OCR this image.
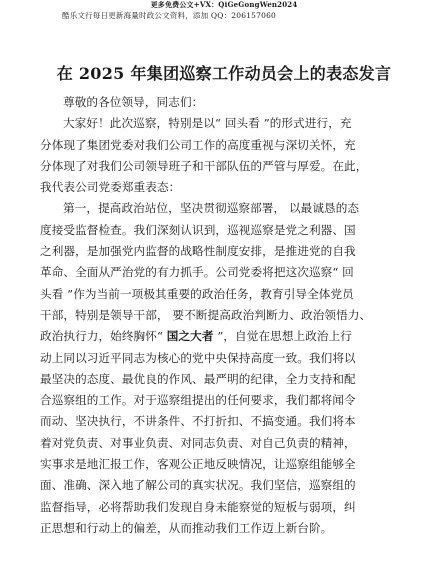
更多免费公文+VX：QiGeGongWen2024
酷乐文行每日更新海量时政公文资料，添加 QQ：206157060
在 2025 年集团巡察工作动员会上的表态发言
尊敬的各位领导，同志们：
大家好！此次巡察，特别是以“ 回头看 ”的形式进行，充
分体现了集团党委对我们公司工作的高度重视与深切关怀，充
分体现了对我们公司领导班子和干部队伍的严管与厚爱。在此，
我代表公司党委郑重表态：
第一，提高政治站位，坚决贯彻巡察部署， 以最诚恳的态
度接受监督检查。我们深刻认识到，巡视巡察是党之利器、国
之利器，是加强党内监督的战略性制度安排，是推进党的自我
革命、全面从严治党的有力抓手。公司党委将把这次巡察“ 回
头看 ”作为当前一项极其重要的政治任务，教育引导全体党员
干部，特别是领导干部， 要不断提高政治判断力、政治领悟力、
政治执行力，始终胸怀“ 国之大者 ”，自觉在思想上政治上行
动上同以习近平同志为核心的党中央保持高度一致。我们将以
最坚决的态度、最优良的作风、最严明的纪律，全力支持和配
合巡察组的工作。对于巡察组提出的任何要求，我们都将闻令
而动、坚决执行，不讲条件、不打折扣、不搞变通。我们将本
着对党负责、对事业负责、对同志负责、对自己负责的精神，
实事求是地汇报工作，客观公正地反映情况，让巡察组能够全
面、准确、深入地了解公司的真实状况。我们坚信，巡察组的
监督指导，必将帮助我们发现自身未能察觉的短板与弱项，纠
正思想和行动上的偏差，从而推动我们工作迈上新台阶。
